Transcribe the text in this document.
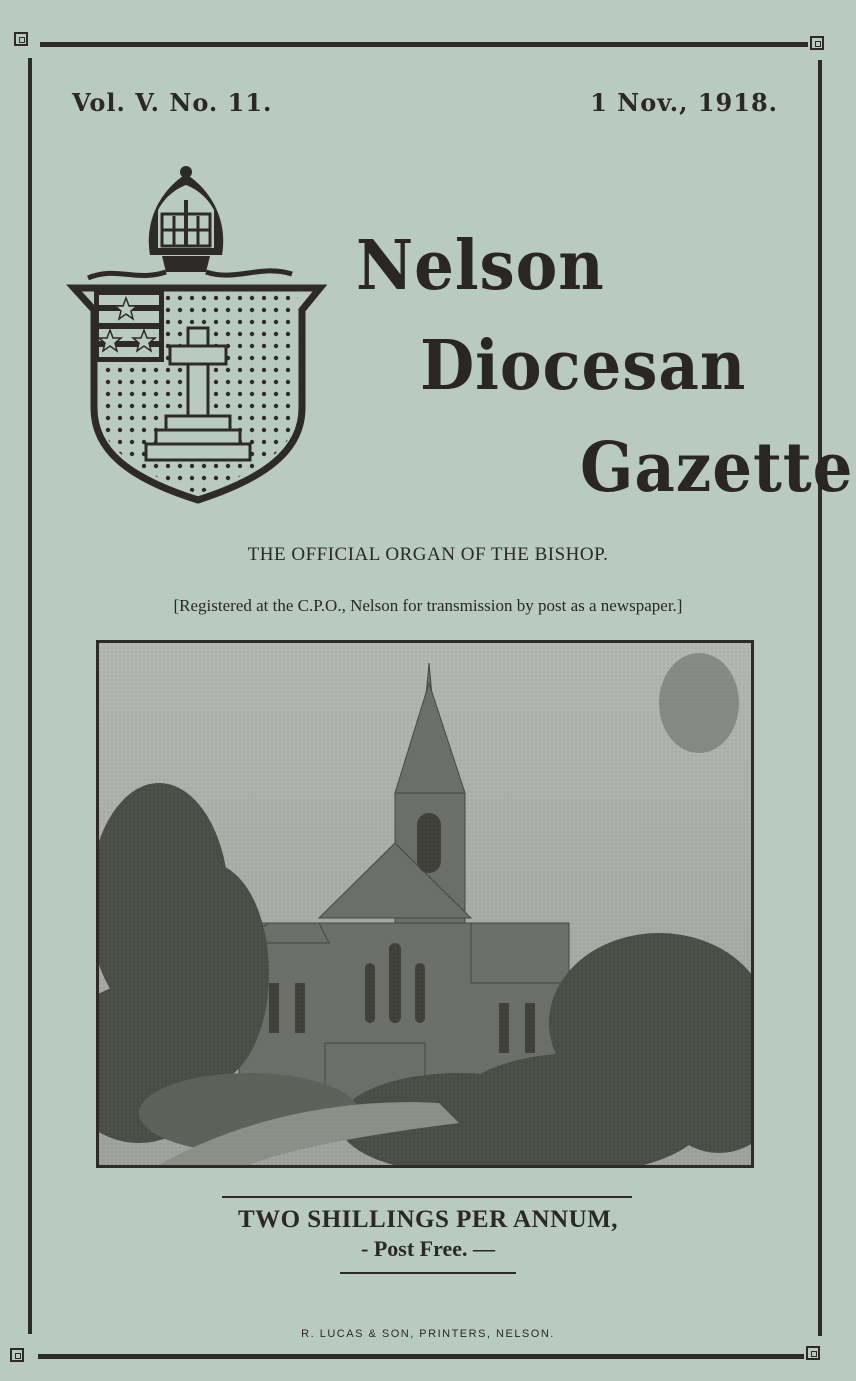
Vol. V. No. 11.	1 Nov., 1918.
Nelson
Diocesan
Gazette
THE OFFICIAL ORGAN OF THE BISHOP.
[Registered at the C.P.O., Nelson for transmission by post as a newspaper.]
TWO SHILLINGS PER ANNUM,
- Post Free. —
R. LUCAS & SON, PRINTERS, NELSON.
